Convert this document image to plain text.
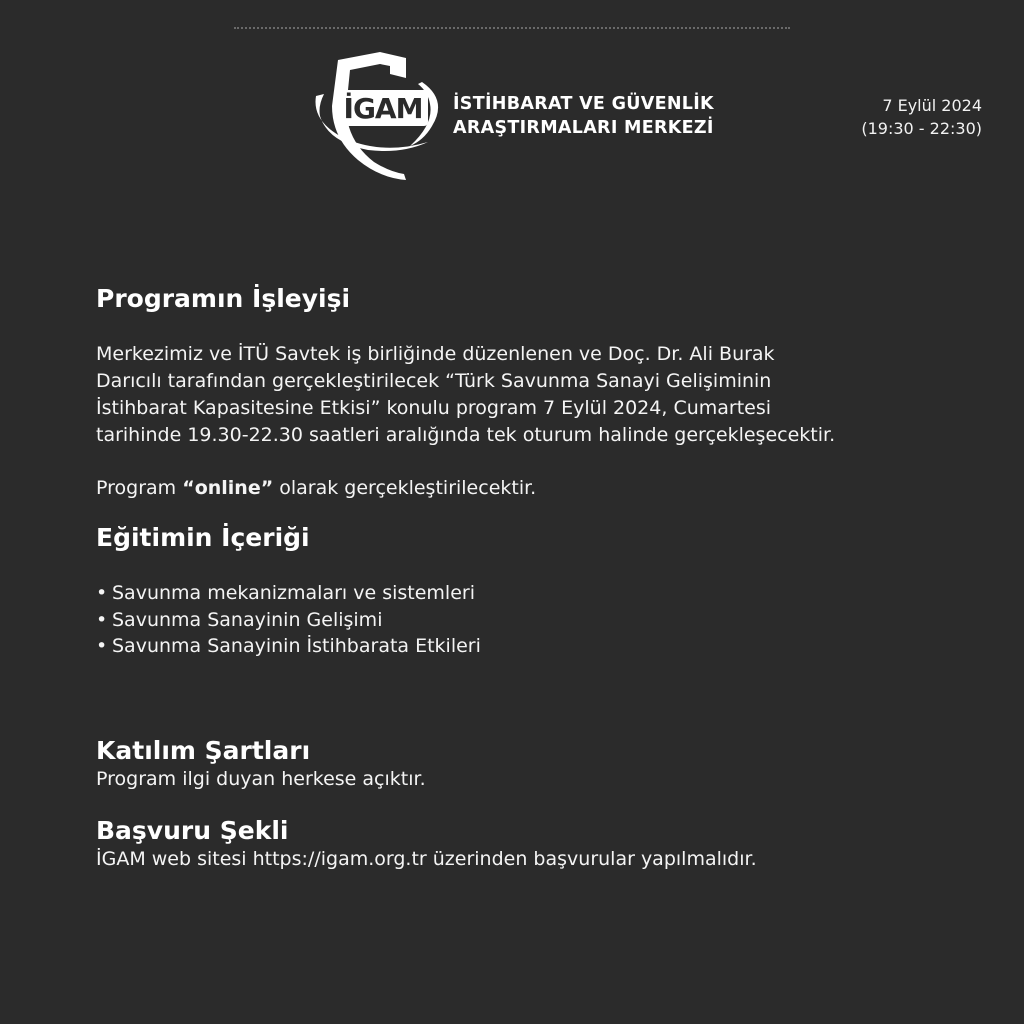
İGAM İSTİHBARAT VE GÜVENLİK
ARAŞTIRMALARI MERKEZİ
7 Eylül 2024
(19:30 - 22:30)
Programın İşleyişi
Merkezimiz ve İTÜ Savtek iş birliğinde düzenlenen ve Doç. Dr. Ali Burak
Darıcılı tarafından gerçekleştirilecek “Türk Savunma Sanayi Gelişiminin
İstihbarat Kapasitesine Etkisi” konulu program 7 Eylül 2024, Cumartesi
tarihinde 19.30-22.30 saatleri aralığında tek oturum halinde gerçekleşecektir.
Program “online” olarak gerçekleştirilecektir.
Eğitimin İçeriği
• Savunma mekanizmaları ve sistemleri
• Savunma Sanayinin Gelişimi
• Savunma Sanayinin İstihbarata Etkileri
Katılım Şartları
Program ilgi duyan herkese açıktır.
Başvuru Şekli
İGAM web sitesi https://igam.org.tr üzerinden başvurular yapılmalıdır.
